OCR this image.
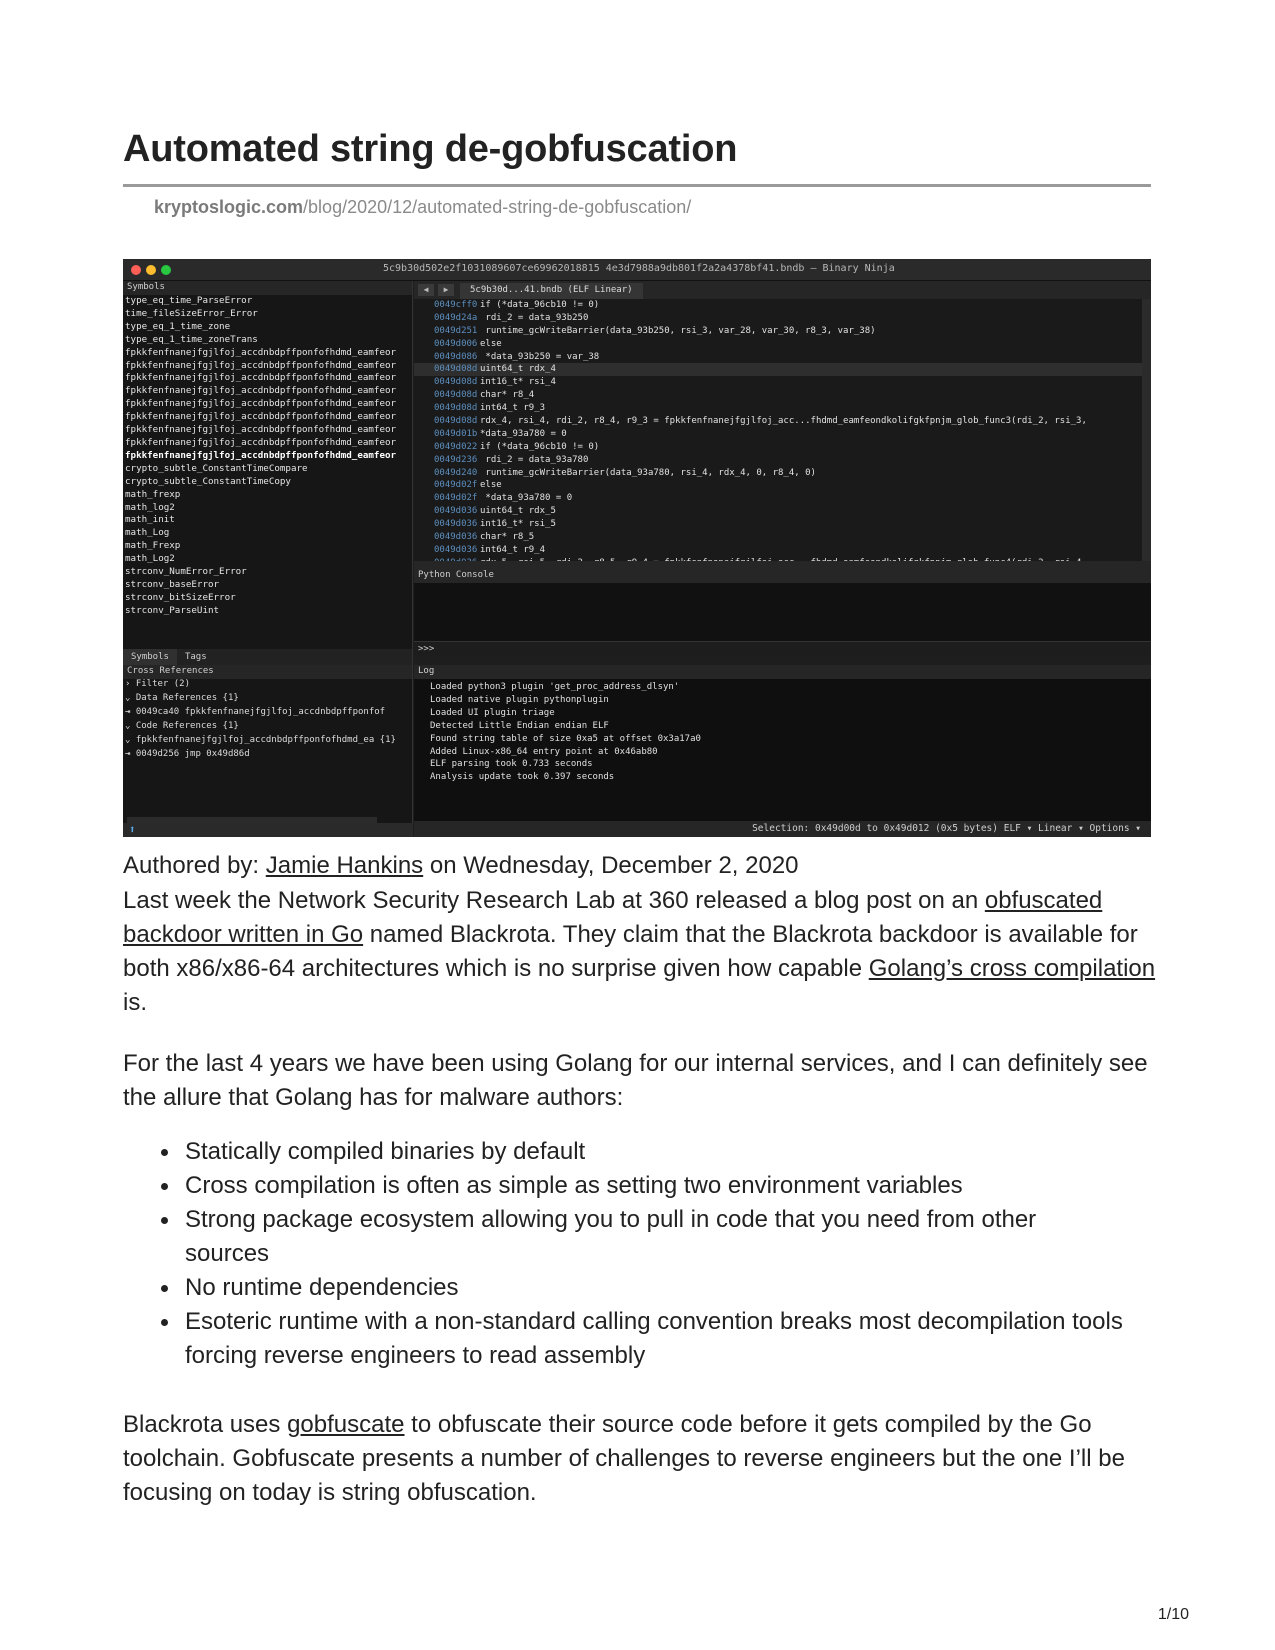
Automated string de-gobfuscation
kryptoslogic.com/blog/2020/12/automated-string-de-gobfuscation/
5c9b30d502e2f1031089607ce69962018815 4e3d7988a9db801f2a2a4378bf41.bndb — Binary Ninja
Symbols
type_eq_time_ParseError
time_fileSizeError_Error
type_eq_1_time_zone
type_eq_1_time_zoneTrans
fpkkfenfnanejfgjlfoj_accdnbdpffponfofhdmd_eamfeor
fpkkfenfnanejfgjlfoj_accdnbdpffponfofhdmd_eamfeor
fpkkfenfnanejfgjlfoj_accdnbdpffponfofhdmd_eamfeor
fpkkfenfnanejfgjlfoj_accdnbdpffponfofhdmd_eamfeor
fpkkfenfnanejfgjlfoj_accdnbdpffponfofhdmd_eamfeor
fpkkfenfnanejfgjlfoj_accdnbdpffponfofhdmd_eamfeor
fpkkfenfnanejfgjlfoj_accdnbdpffponfofhdmd_eamfeor
fpkkfenfnanejfgjlfoj_accdnbdpffponfofhdmd_eamfeor
fpkkfenfnanejfgjlfoj_accdnbdpffponfofhdmd_eamfeor
crypto_subtle_ConstantTimeCompare
crypto_subtle_ConstantTimeCopy
math_frexp
math_log2
math_init
math_Log
math_Frexp
math_Log2
strconv_NumError_Error
strconv_baseError
strconv_bitSizeError
strconv_ParseUint
Symbols Tags
Cross References
› Filter (2)
⌄ Data References {1}
⇥ 0049ca40 fpkkfenfnanejfgjlfoj_accdnbdpffponfof
⌄ Code References {1}
⌄ fpkkfenfnanejfgjlfoj_accdnbdpffponfofhdmd_ea {1}
⇥ 0049d256 jmp 0x49d86d
⬆
◀	▶	5c9b30d...41.bndb (ELF Linear)
0049cff0 if (*data_96cb10 != 0)
0049d24a rdi_2 = data_93b250
0049d251 runtime_gcWriteBarrier(data_93b250, rsi_3, var_28, var_30, r8_3, var_38)
0049d006 else
0049d086 *data_93b250 = var_38
0049d08d uint64_t rdx_4
0049d08d int16_t* rsi_4
0049d08d char* r8_4
0049d08d int64_t r9_3
0049d08d rdx_4, rsi_4, rdi_2, r8_4, r9_3 = fpkkfenfnanejfgjlfoj_acc...fhdmd_eamfeondkolifgkfpnjm_glob_func3(rdi_2, rsi_3,
0049d01b *data_93a780 = 0
0049d022 if (*data_96cb10 != 0)
0049d236 rdi_2 = data_93a780
0049d240 runtime_gcWriteBarrier(data_93a780, rsi_4, rdx_4, 0, r8_4, 0)
0049d02f else
0049d02f *data_93a780 = 0
0049d036 uint64_t rdx_5
0049d036 int16_t* rsi_5
0049d036 char* r8_5
0049d036 int64_t r9_4
Python Console
>>>
Log
Loaded python3 plugin 'get_proc_address_dlsyn'
Loaded native plugin pythonplugin
Loaded UI plugin triage
Detected Little Endian endian ELF
Found string table of size 0xa5 at offset 0x3a17a0
Added Linux-x86_64 entry point at 0x46ab80
ELF parsing took 0.733 seconds
Analysis update took 0.397 seconds
Selection: 0x49d00d to 0x49d012 (0x5 bytes) ELF ▾ Linear ▾ Options ▾
Authored by: Jamie Hankins on Wednesday, December 2, 2020
Last week the Network Security Research Lab at 360 released a blog post on an obfuscated backdoor written in Go named Blackrota. They claim that the Blackrota backdoor is available for both x86/x86-64 architectures which is no surprise given how capable Golang’s cross compilation is.
For the last 4 years we have been using Golang for our internal services, and I can definitely see the allure that Golang has for malware authors:
Statically compiled binaries by default
Cross compilation is often as simple as setting two environment variables
Strong package ecosystem allowing you to pull in code that you need from other sources
No runtime dependencies
Esoteric runtime with a non-standard calling convention breaks most decompilation tools forcing reverse engineers to read assembly
Blackrota uses gobfuscate to obfuscate their source code before it gets compiled by the Go toolchain. Gobfuscate presents a number of challenges to reverse engineers but the one I’ll be focusing on today is string obfuscation.
1/10
